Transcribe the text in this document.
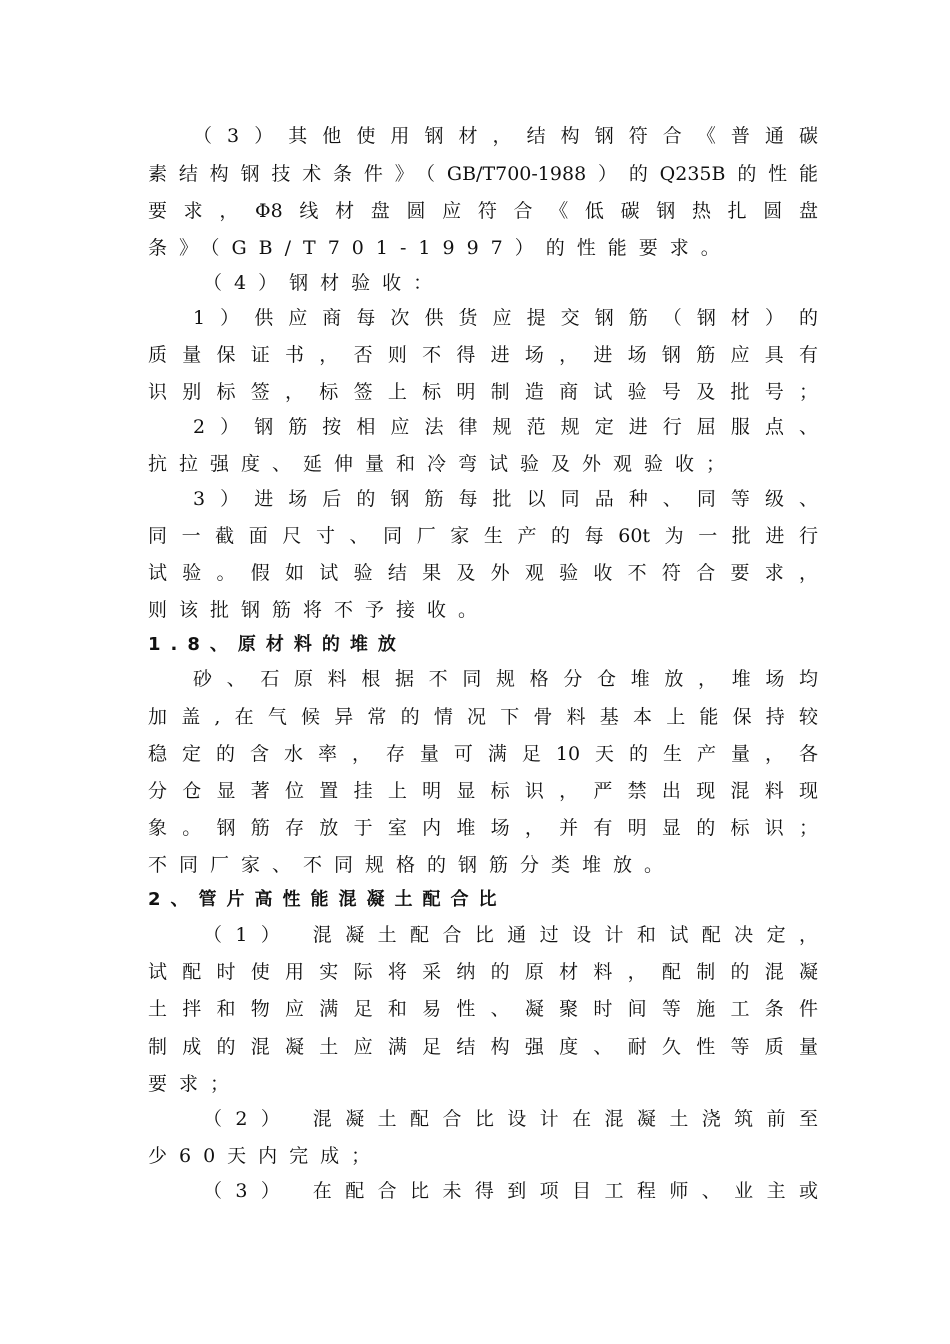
（3）其他使用钢材，结构钢符合《普通碳
素结构钢技术条件》（GB/T700-1988）的Q235B的性能
要求，Φ8线材盘圆应符合《低碳钢热扎圆盘
条》（GB/T701-1997）的性能要求。
（4）钢材验收：
1）供应商每次供货应提交钢筋（钢材）的
质量保证书，否则不得进场，进场钢筋应具有
识别标签，标签上标明制造商试验号及批号；
2）钢筋按相应法律规范规定进行屈服点、
抗拉强度、延伸量和冷弯试验及外观验收；
3）进场后的钢筋每批以同品种、同等级、
同一截面尺寸、同厂家生产的每60t为一批进行
试验。假如试验结果及外观验收不符合要求，
则该批钢筋将不予接收。
1.8、原材料的堆放
砂、石原料根据不同规格分仓堆放，堆场均
加盖,在气候异常的情况下骨料基本上能保持较
稳定的含水率，存量可满足10天的生产量，各
分仓显著位置挂上明显标识，严禁出现混料现
象。钢筋存放于室内堆场，并有明显的标识；
不同厂家、不同规格的钢筋分类堆放。
2、管片高性能混凝土配合比
（1） 混凝土配合比通过设计和试配决定，
试配时使用实际将采纳的原材料，配制的混凝
土拌和物应满足和易性、凝聚时间等施工条件
制成的混凝土应满足结构强度、耐久性等质量
要求；
（2） 混凝土配合比设计在混凝土浇筑前至
少60天内完成；
（3） 在配合比未得到项目工程师、业主或
